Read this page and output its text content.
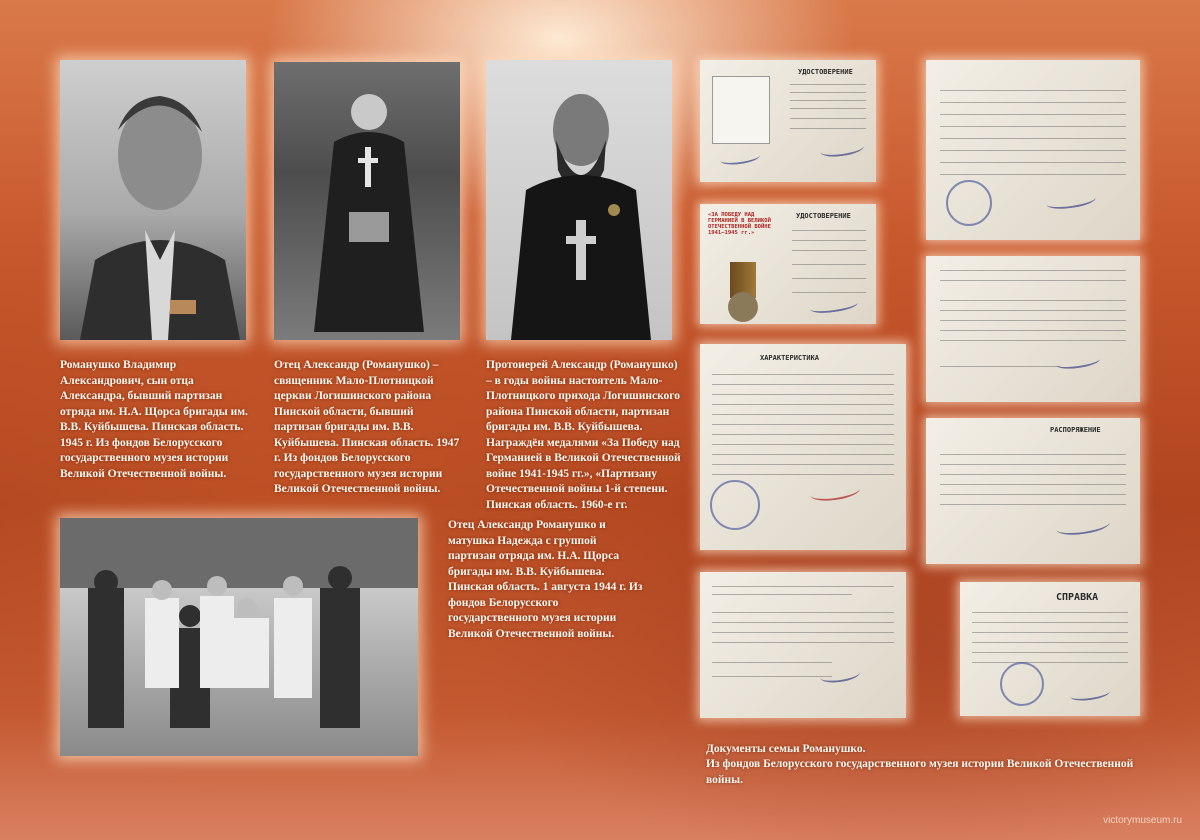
Романушко Владимир Александрович, сын отца Александра, бывший партизан отряда им. Н.А. Щорса бригады им. В.В. Куйбышева. Пинская область. 1945 г. Из фондов Белорусского государственного музея истории Великой Отечественной войны.
Отец Александр (Романушко) – священник Мало-Плотницкой церкви Логишинского района Пинской области, бывший партизан бригады им. В.В. Куйбышева. Пинская область. 1947 г. Из фондов Белорусского государственного музея истории Великой Отечественной войны.
Протоиерей Александр (Романушко) – в годы войны настоятель Мало-Плотницкого прихода Логишинского района Пинской области, партизан бригады им. В.В. Куйбышева. Награждён медалями «За Победу над Германией в Великой Отечественной войне 1941-1945 гг.», «Партизану Отечественной войны 1-й степени. Пинская область. 1960-е гг.
Отец Александр Романушко и матушка Надежда с группой партизан отряда им. Н.А. Щорса бригады им. В.В. Куйбышева. Пинская область. 1 августа 1944 г. Из фондов Белорусского государственного музея истории Великой Отечественной войны.
Документы семьи Романушко.
Из фондов Белорусского государственного музея истории Великой Отечественной войны.
УДОСТОВЕРЕНИЕ
УДОСТОВЕРЕНИЕ
«ЗА ПОБЕДУ НАД ГЕРМАНИЕЙ В ВЕЛИКОЙ ОТЕЧЕСТВЕННОЙ ВОЙНЕ 1941—1945 гг.»
ХАРАКТЕРИСТИКА
РАСПОРЯЖЕНИЕ
СПРАВКА
victorymuseum.ru
